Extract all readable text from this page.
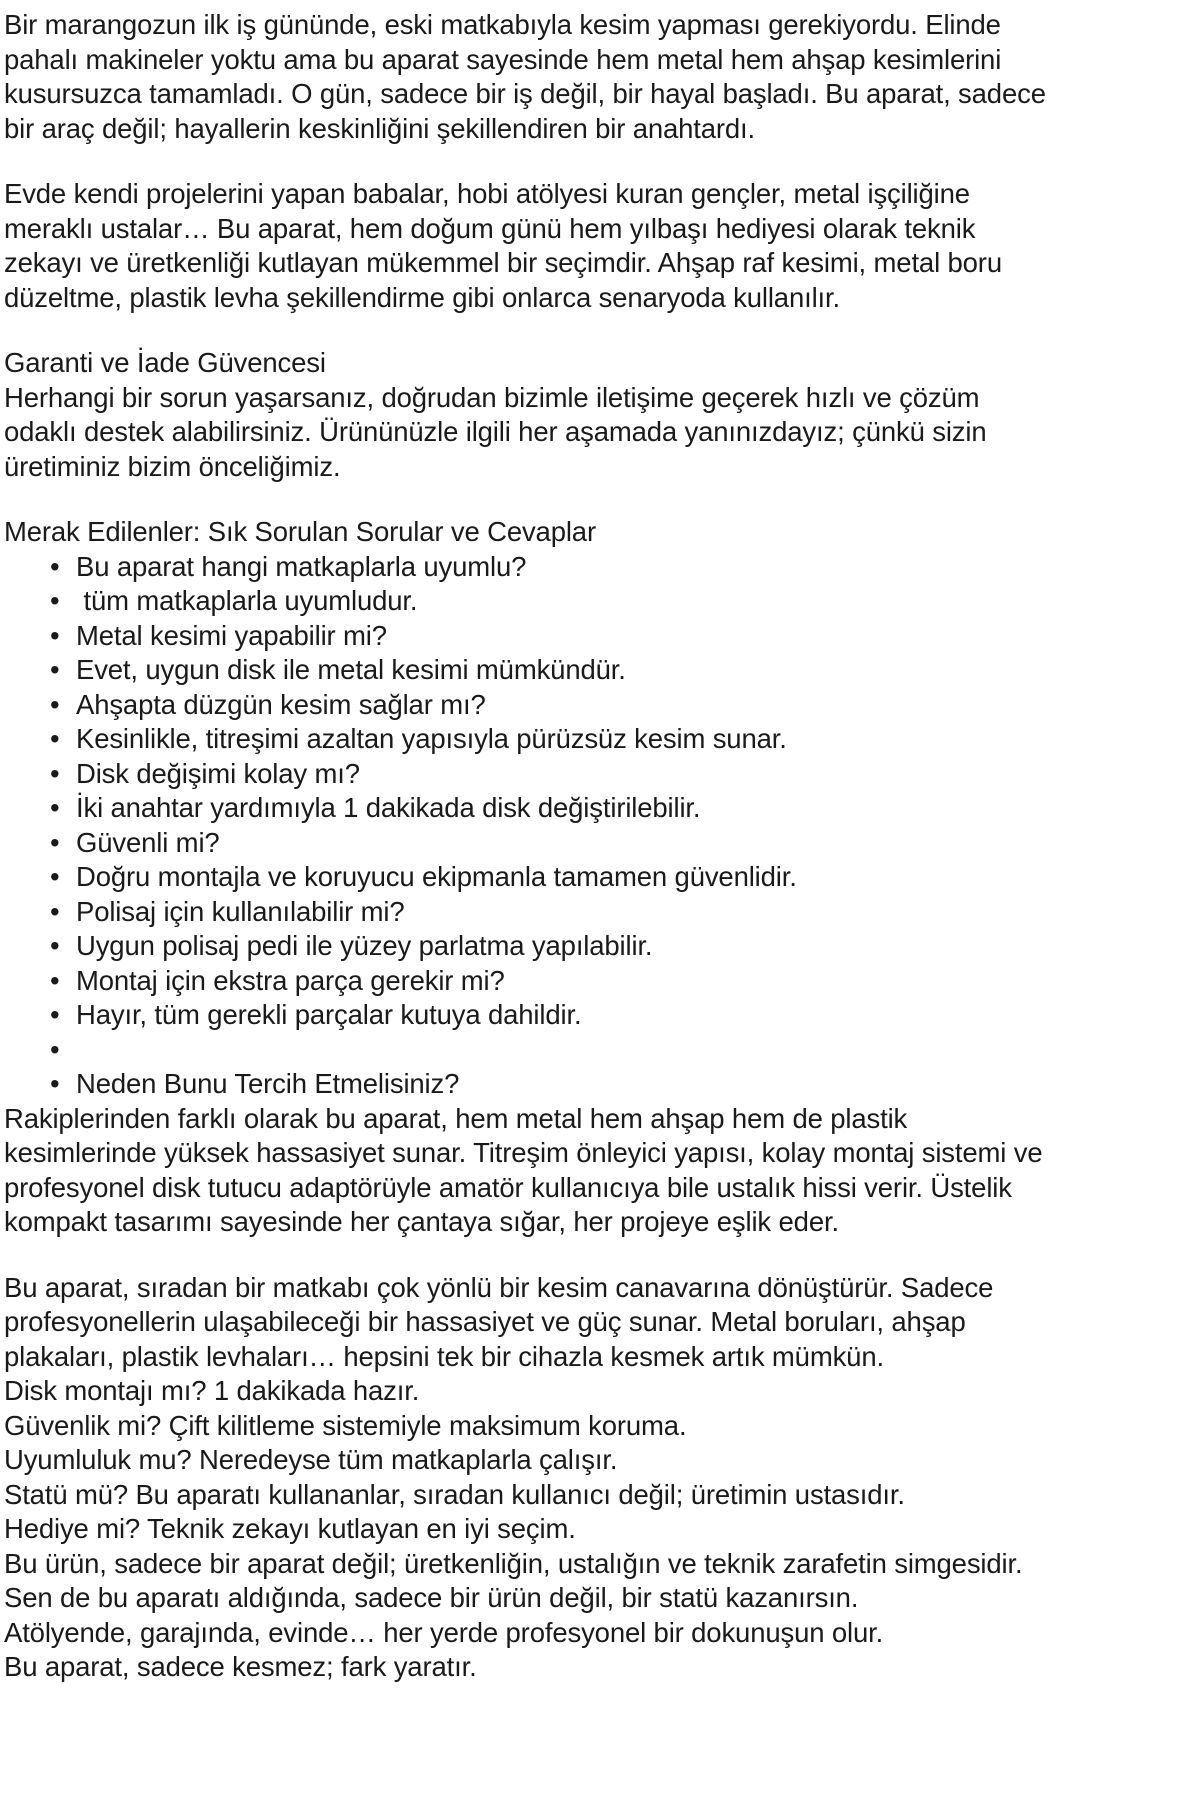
Bir marangozun ilk iş gününde, eski matkabıyla kesim yapması gerekiyordu. Elinde pahalı makineler yoktu ama bu aparat sayesinde hem metal hem ahşap kesimlerini kusursuzca tamamladı. O gün, sadece bir iş değil, bir hayal başladı. Bu aparat, sadece bir araç değil; hayallerin keskinliğini şekillendiren bir anahtardı.

Evde kendi projelerini yapan babalar, hobi atölyesi kuran gençler, metal işçiliğine meraklı ustalar… Bu aparat, hem doğum günü hem yılbaşı hediyesi olarak teknik zekayı ve üretkenliği kutlayan mükemmel bir seçimdir. Ahşap raf kesimi, metal boru düzeltme, plastik levha şekillendirme gibi onlarca senaryoda kullanılır.

Garanti ve İade Güvencesi

Herhangi bir sorun yaşarsanız, doğrudan bizimle iletişime geçerek hızlı ve çözüm odaklı destek alabilirsiniz. Ürününüzle ilgili her aşamada yanınızdayız; çünkü sizin üretiminiz bizim önceliğimiz.

Merak Edilenler: Sık Sorulan Sorular ve Cevaplar

• Bu aparat hangi matkaplarla uyumlu?
•  tüm matkaplarla uyumludur.
• Metal kesimi yapabilir mi?
• Evet, uygun disk ile metal kesimi mümkündür.
• Ahşapta düzgün kesim sağlar mı?
• Kesinlikle, titreşimi azaltan yapısıyla pürüzsüz kesim sunar.
• Disk değişimi kolay mı?
• İki anahtar yardımıyla 1 dakikada disk değiştirilebilir.
• Güvenli mi?
• Doğru montajla ve koruyucu ekipmanla tamamen güvenlidir.
• Polisaj için kullanılabilir mi?
• Uygun polisaj pedi ile yüzey parlatma yapılabilir.
• Montaj için ekstra parça gerekir mi?
• Hayır, tüm gerekli parçalar kutuya dahildir.
•
• Neden Bunu Tercih Etmelisiniz?

Rakiplerinden farklı olarak bu aparat, hem metal hem ahşap hem de plastik kesimlerinde yüksek hassasiyet sunar. Titreşim önleyici yapısı, kolay montaj sistemi ve profesyonel disk tutucu adaptörüyle amatör kullanıcıya bile ustalık hissi verir. Üstelik kompakt tasarımı sayesinde her çantaya sığar, her projeye eşlik eder.

Bu aparat, sıradan bir matkabı çok yönlü bir kesim canavarına dönüştürür. Sadece profesyonellerin ulaşabileceği bir hassasiyet ve güç sunar. Metal boruları, ahşap plakaları, plastik levhaları… hepsini tek bir cihazla kesmek artık mümkün.

Disk montajı mı? 1 dakikada hazır.

Güvenlik mi? Çift kilitleme sistemiyle maksimum koruma.

Uyumluluk mu? Neredeyse tüm matkaplarla çalışır.

Statü mü? Bu aparatı kullananlar, sıradan kullanıcı değil; üretimin ustasıdır.

Hediye mi? Teknik zekayı kutlayan en iyi seçim.

Bu ürün, sadece bir aparat değil; üretkenliğin, ustalığın ve teknik zarafetin simgesidir.

Sen de bu aparatı aldığında, sadece bir ürün değil, bir statü kazanırsın.

Atölyende, garajında, evinde… her yerde profesyonel bir dokunuşun olur.

Bu aparat, sadece kesmez; fark yaratır.
